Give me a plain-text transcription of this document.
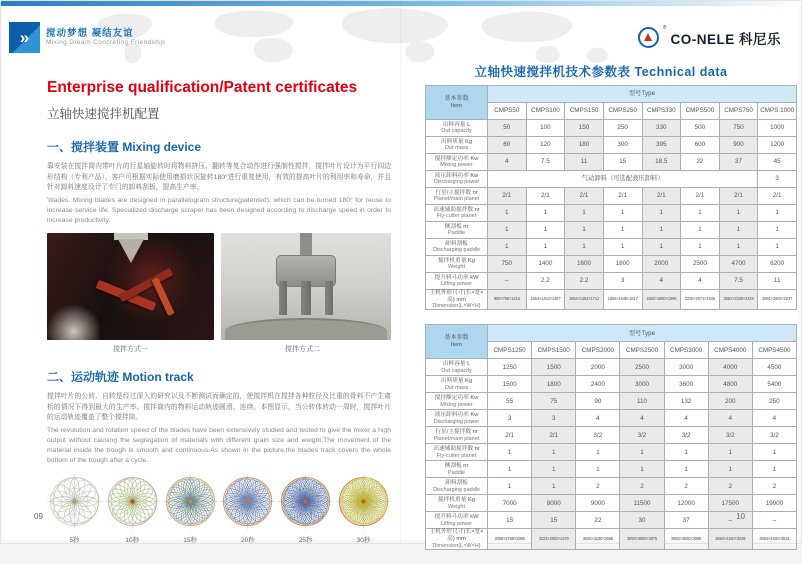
» 搅动梦想 凝结友谊
Mixing Dream Concreting Friendship
®
CO-NELE 科尼乐
Enterprise qualification/Patent certificates
立轴快速搅拌机配置
一、搅拌装置 Mixing device

靠安装在搅拌筒内带叶片的行星轴旋转时将物料挤压、翻转等复合动作进行强制性搅拌，搅拌叶片设计为平行四边形结构（专利产品），客户可根据实际使用磨损状况旋转180°进行重复使用，有效的提高叶片的利用率和寿命，并且针对卸料速度设计了专门的卸料刮板，提高生产率。

'blades. Mixing blades are designed in parallelogram structure(patented), which can be turned 180° for reuse to increase service life. Specialized discharge scraper has been designed according to discharge speed in order to increase productivity.

搅拌方式一	搅拌方式二
二、运动轨迹 Motion track

搅拌叶片的公转、自转是经过深入的研究以及不断测试而确定的，使搅拌机在搅拌各种粒径及比重的骨料不产生离析的情况下得到最大的生产率。搅拌筒内的物料运动轨迹圆滑、连续。本图显示，当公转体转动一周时，搅拌叶片的运动轨迹覆盖了整个搅拌筒。

The revolution and rotation speed of the blades have been extensively studied and tested to give the mixer a high output without causing the segregation of materials with different grain size and weight.The movement of the material inside the trough is smooth and continuous.As shown in the picture,the blades track covers the whole bottom of the trough after a cycle.

5秒	10秒	15秒	20秒	25秒	30秒
09
立轴快速搅拌机技术参数表 Technical data
基本参数
Item	型号Type							
	CMPS50	CMPS100	CMPS150	CMPS250	CMPS330	CMPS500	CMPS750	CMPS 1000

出料容量 L
Out capacity	50	100	150	250	330	500	750	1000

出料质量 Kg
Out mass	60	120	180	300	395	600	900	1200

搅拌额定功率 Kw
Mixing power	4	7.5	11	15	18.5	22	37	45

液压卸料功率 Kw
Discharging power	气动卸料（可选配液压卸料）							3

行星/主搅拌数 nr
Planet/main planet	2/1	2/1	2/1	2/1	2/1	2/1	2/1	2/1

高速辅助搅拌数 nr
Fly-cutter planet	1	1	1	1	1	1	1	1

侧刮板 nr
Paddle	1	1	1	1	1	1	1	1

卸料刮板
Discharging paddle	1	1	1	1	1	1	1	1

搅拌机重量 Kg
Weight	750	1400	1600	1800	2000	2500	4700	6200

提升料斗功率 kW
Lifting power	–	2.2	2.2	3	4	4	7.5	11

主机外形尺寸(长×宽×高) mm
Dimension(L×W×H)	950×786×1215	1664×1453×1487	1664×1453×1712	1856×1648×1817	1862×1850×1895	2235×2071×1935	2581×2336×2245	2891×2602×2237
基本参数
Item	型号Type						
	CMPS1250	CMPS1500	CMPS2000	CMPS2500	CMPS3000	CMPS4000	CMPS4500

出料容量 L
Out capacity	1250	1500	2000	2500	3000	4000	4500

出料质量 Kg
Out mass	1500	1800	2400	3000	3600	4800	5400

搅拌额定功率 Kw
Mixing power	55	75	90	110	132	200	250

液压卸料功率 Kw
Discharging power	3	3	4	4	4	4	4

行星/主搅拌数 nr
Planet/main planet	2/1	2/1	3/2	3/2	3/2	3/2	3/2

高速辅助搅拌数 nr
Fly-cutter planet	1	1	1	1	1	1	1

侧刮板 nr
Paddle	1	1	1	1	1	1	1

卸料刮板
Discharging paddle	1	1	2	2	2	2	2

搅拌机重量 Kg
Weight	7000	8000	9000	11500	12000	17500	19000

提升料斗功率 kW
Lifting power	15	15	22	30	37	–	–

主机外形尺寸(长×宽×高) mm
Dimension(L×W×H)	3058×2756×2395	3223×2902×2470	3625×3230×2695	3893×3550×2875	3893×3550×3085	4594×4150×3249	4594×4150×3634
10
